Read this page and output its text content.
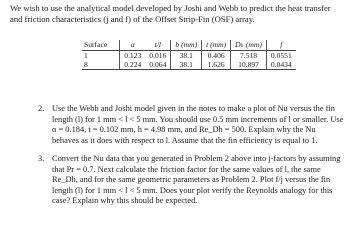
We wish to use the analytical model developed by Joshi and Webb to predict the heat transfer and friction characteristics (j and f) of the Offset Strip-Fin (OSF) array.
Surface	α	t/l	b (mm)	t (mm)	Dₕ (mm)	f
1	0.123	0.016	38.1	0.406	7.518	0.0551
8	0.224	0.064	38.1	1.626	10.897	0.0434
2. Use the Webb and Joshi model given in the notes to make a plot of Nu versus the fin length (l) for 1 mm < l < 5 mm. You should use 0.5 mm increments of l or smaller. Use α = 0.184, t = 0.102 mm, h = 4.98 mm, and Re_Dh = 500. Explain why the Nu behaves as it does with respect to l. Assume that the fin efficiency is equal to 1.
3. Convert the Nu data that you generated in Problem 2 above into j-factors by assuming that Pr = 0.7. Next calculate the friction factor for the same values of l, the same Re_Dh, and for the same geometric parameters as Problem 2. Plot f/j versus the fin length (l) for 1 mm < l < 5 mm. Does your plot verify the Reynolds analogy for this case? Explain why this should be expected.
